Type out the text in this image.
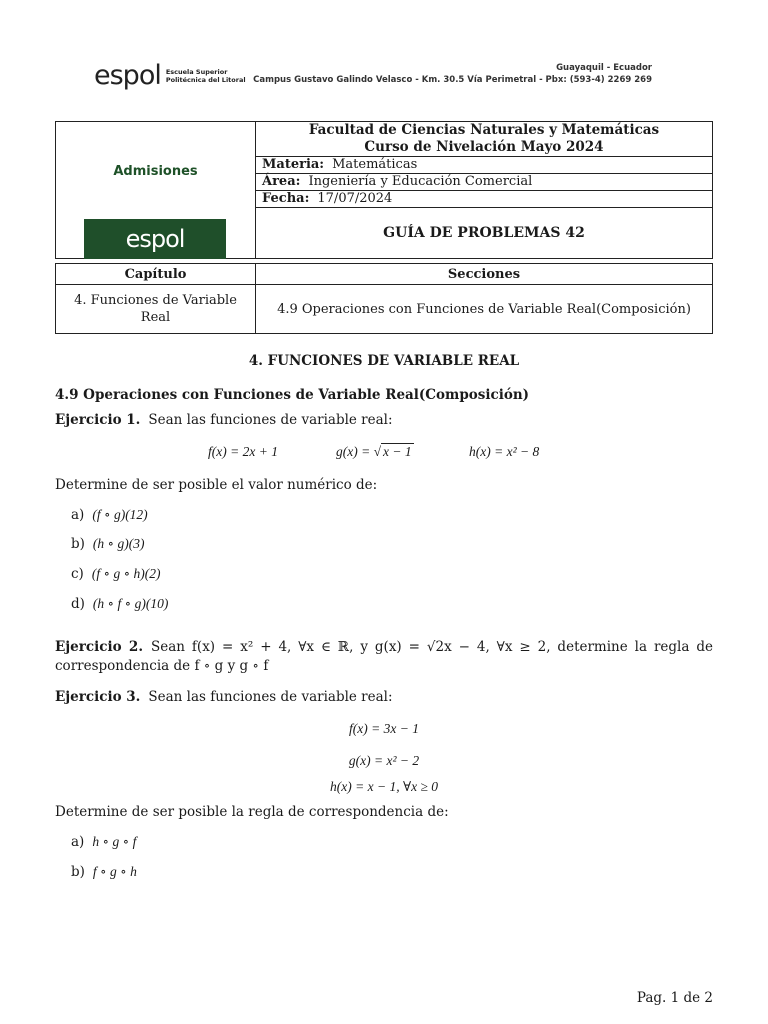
espol Escuela Superior
Politécnica del Litoral
Guayaquil - Ecuador
Campus Gustavo Galindo Velasco - Km. 30.5 Vía Perimetral - Pbx: (593-4) 2269 269
Admisiones
espol

Facultad de Ciencias Naturales y Matemáticas
Curso de Nivelación Mayo 2024

Materia: Matemáticas
Área: Ingeniería y Educación Comercial
Fecha: 17/07/2024
GUÍA DE PROBLEMAS 42
Capítulo	Secciones

4. Funciones de Variable
Real	4.9 Operaciones con Funciones de Variable Real(Composición)
4. FUNCIONES DE VARIABLE REAL
4.9 Operaciones con Funciones de Variable Real(Composición)
Ejercicio 1. Sean las funciones de variable real:
f(x) = 2x + 1	g(x) = √ x − 1	h(x) = x² − 8
Determine de ser posible el valor numérico de:
a) (f ∘ g)(12)
b) (h ∘ g)(3)
c) (f ∘ g ∘ h)(2)
d) (h ∘ f ∘ g)(10)
Ejercicio 2. Sean f(x) = x² + 4, ∀x ∈ ℝ, y g(x) = √2x − 4, ∀x ≥ 2, determine la regla de correspondencia de f ∘ g y g ∘ f
Ejercicio 3. Sean las funciones de variable real:
f(x) = 3x − 1
g(x) = x² − 2
h(x) = x − 1, ∀x ≥ 0
Determine de ser posible la regla de correspondencia de:
a) h ∘ g ∘ f
b) f ∘ g ∘ h
Pag. 1 de 2
